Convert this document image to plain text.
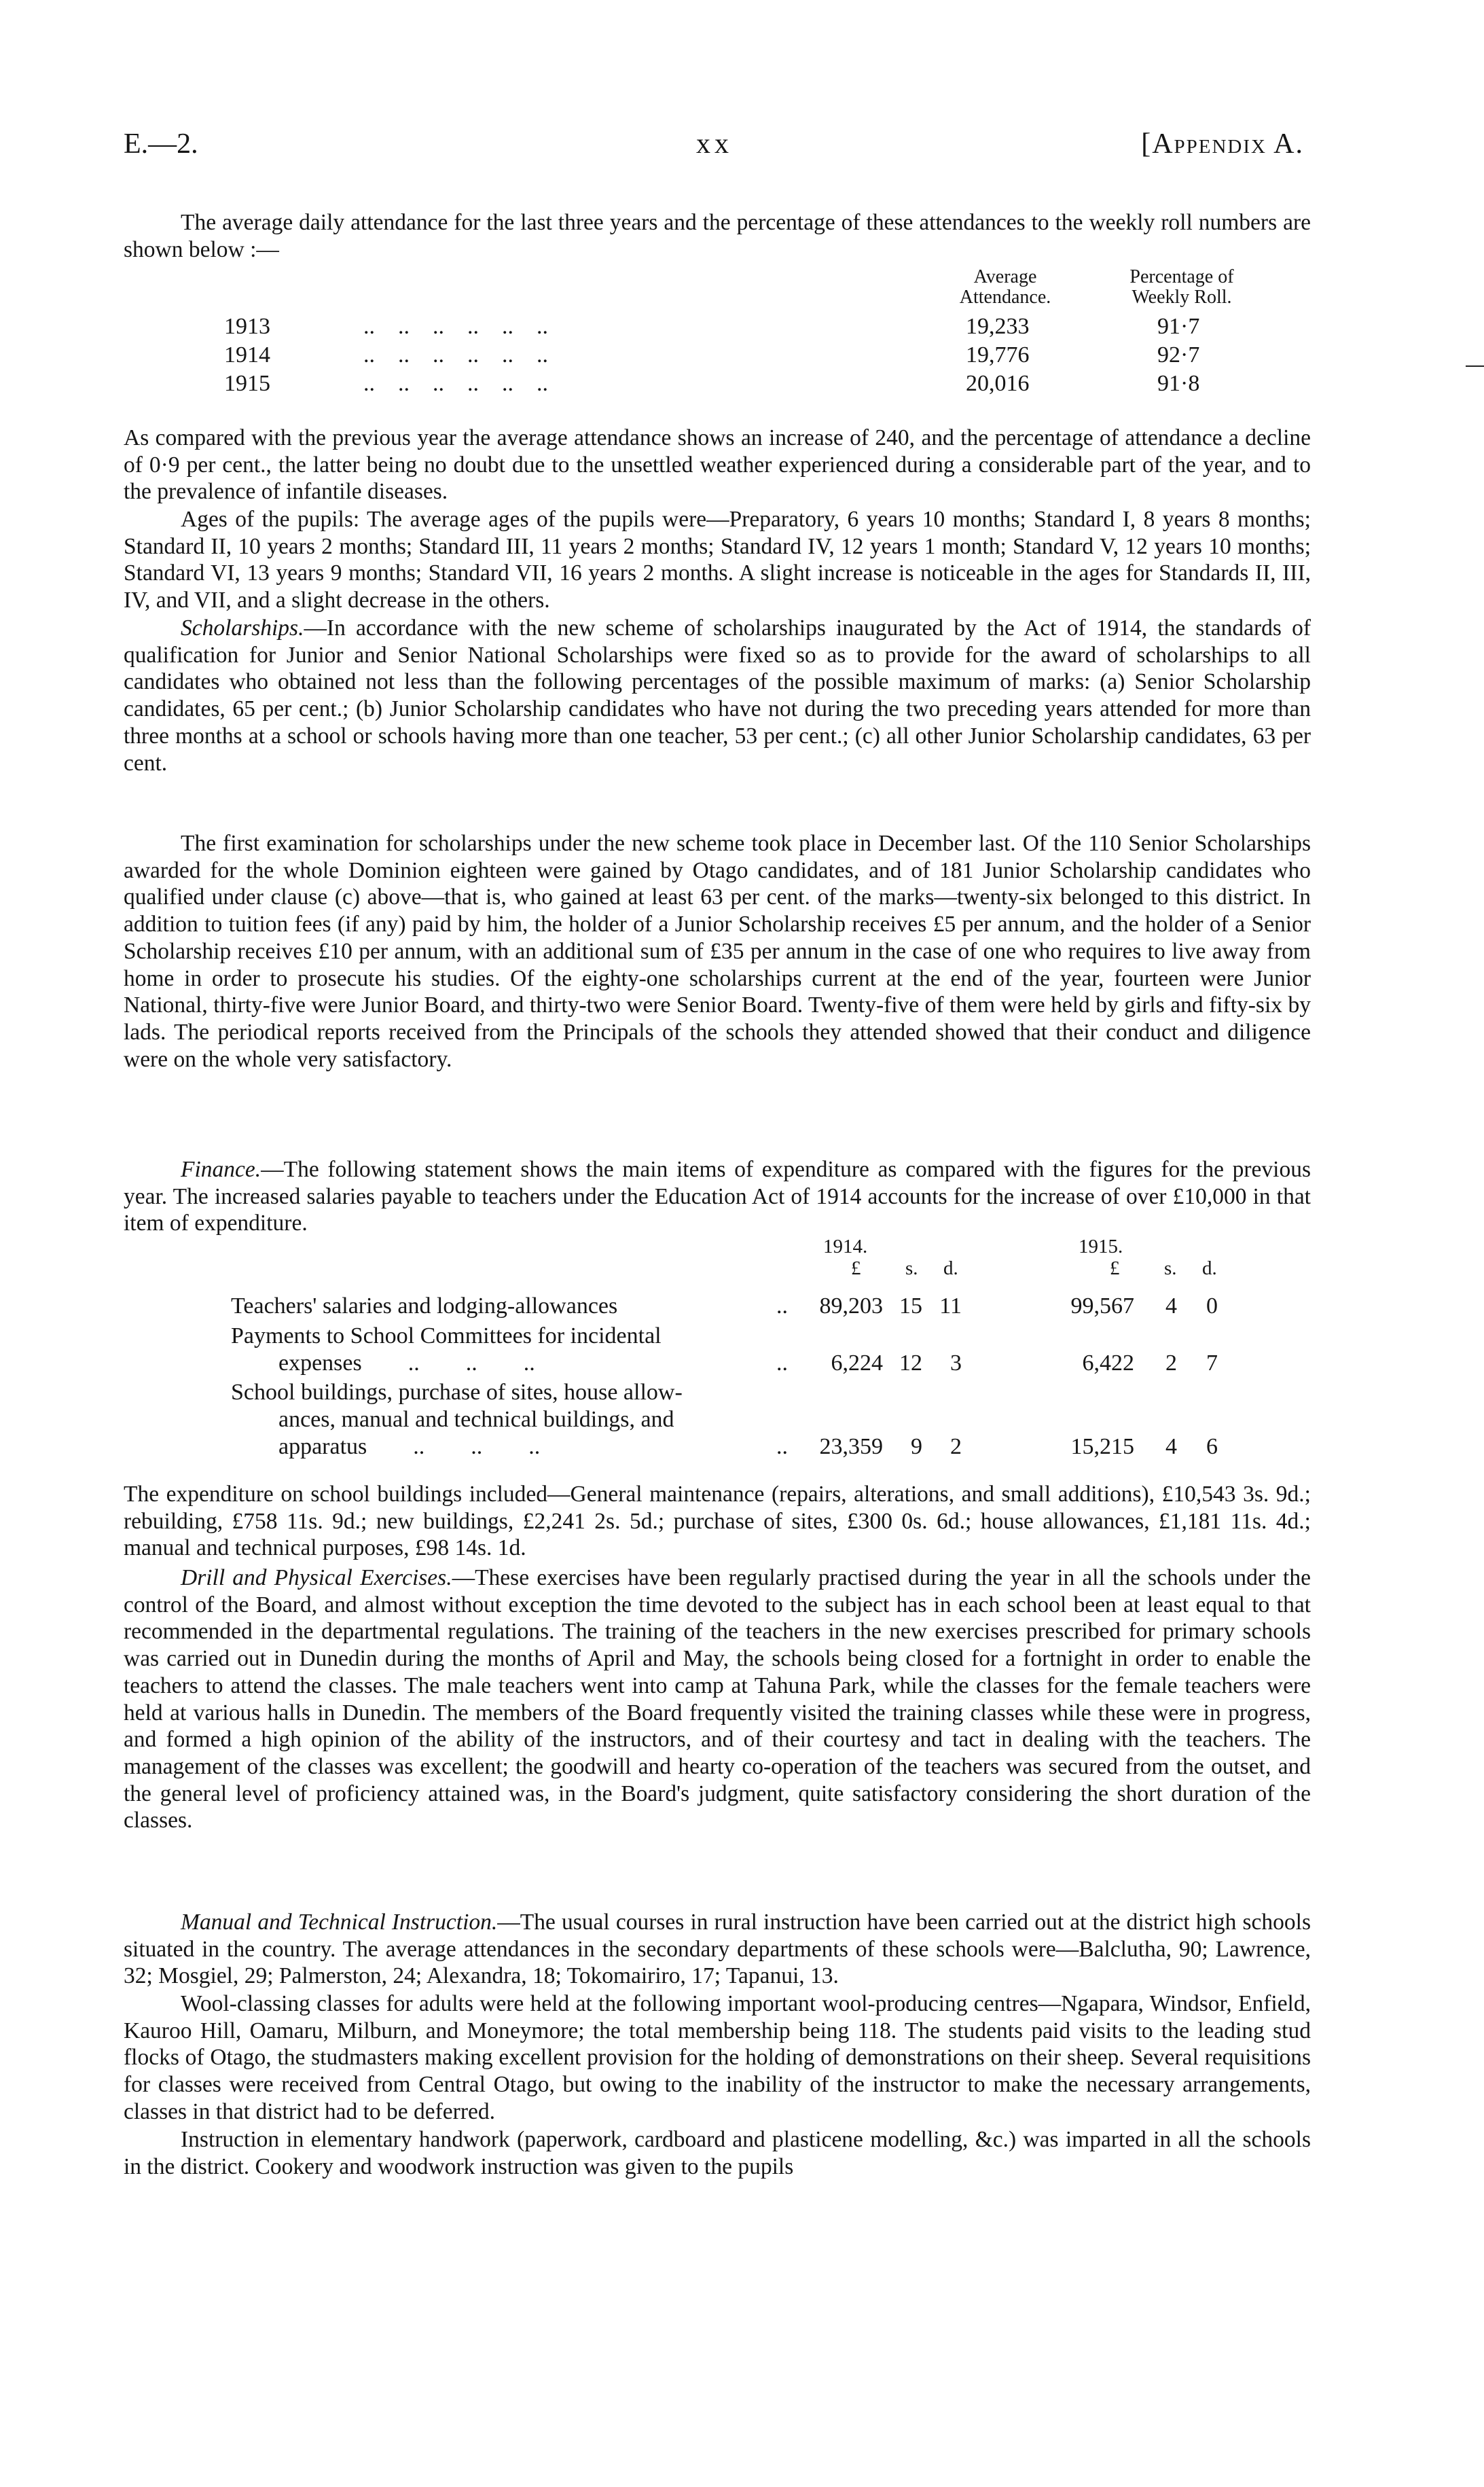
E.—2.	xx	[Appendix A.

The average daily attendance for the last three years and the percentage of these attendances to the weekly roll numbers are shown below :—

Average
Attendance.
Percentage of
Weekly Roll.
1913	..    ..    ..    ..    ..    ..	19,233	91·7
1914	..    ..    ..    ..    ..    ..	19,776	92·7
1915	..    ..    ..    ..    ..    ..	20,016	91·8

As compared with the previous year the average attendance shows an increase of 240, and the percentage of attendance a decline of 0·9 per cent., the latter being no doubt due to the unsettled weather experienced during a considerable part of the year, and to the prevalence of infantile diseases.

Ages of the pupils: The average ages of the pupils were—Preparatory, 6 years 10 months; Standard I, 8 years 8 months; Standard II, 10 years 2 months; Standard III, 11 years 2 months; Standard IV, 12 years 1 month; Standard V, 12 years 10 months; Standard VI, 13 years 9 months; Standard VII, 16 years 2 months. A slight increase is noticeable in the ages for Standards II, III, IV, and VII, and a slight decrease in the others.

Scholarships.—In accordance with the new scheme of scholarships inaugurated by the Act of 1914, the standards of qualification for Junior and Senior National Scholarships were fixed so as to provide for the award of scholarships to all candidates who obtained not less than the following percentages of the possible maximum of marks: (a) Senior Scholarship candidates, 65 per cent.; (b) Junior Scholarship candidates who have not during the two preceding years attended for more than three months at a school or schools having more than one teacher, 53 per cent.; (c) all other Junior Scholarship candidates, 63 per cent.

The first examination for scholarships under the new scheme took place in December last. Of the 110 Senior Scholarships awarded for the whole Dominion eighteen were gained by Otago candidates, and of 181 Junior Scholarship candidates who qualified under clause (c) above—that is, who gained at least 63 per cent. of the marks—twenty-six belonged to this district. In addition to tuition fees (if any) paid by him, the holder of a Junior Scholarship receives £5 per annum, and the holder of a Senior Scholarship receives £10 per annum, with an additional sum of £35 per annum in the case of one who requires to live away from home in order to prosecute his studies. Of the eighty-one scholarships current at the end of the year, fourteen were Junior National, thirty-five were Junior Board, and thirty-two were Senior Board. Twenty-five of them were held by girls and fifty-six by lads. The periodical reports received from the Principals of the schools they attended showed that their conduct and diligence were on the whole very satisfactory.

Finance.—The following statement shows the main items of expenditure as compared with the figures for the previous year. The increased salaries payable to teachers under the Education Act of 1914 accounts for the increase of over £10,000 in that item of expenditure.

1914.	1915.
£ s. d.	£ s. d.
Teachers' salaries and lodging-allowances	..	89,203 15 11	99,567	4	0
Payments to School Committees for incidental
expenses        ..        ..        ..	..	6,224 12	3	6,422	2	7
School buildings, purchase of sites, house allow-
ances, manual and technical buildings, and
apparatus        ..        ..        ..	..	23,359	9	2	15,215	4	6

The expenditure on school buildings included—General maintenance (repairs, alterations, and small additions), £10,543 3s. 9d.; rebuilding, £758 11s. 9d.; new buildings, £2,241 2s. 5d.; purchase of sites, £300 0s. 6d.; house allowances, £1,181 11s. 4d.; manual and technical purposes, £98 14s. 1d.

Drill and Physical Exercises.—These exercises have been regularly practised during the year in all the schools under the control of the Board, and almost without exception the time devoted to the subject has in each school been at least equal to that recommended in the departmental regulations. The training of the teachers in the new exercises prescribed for primary schools was carried out in Dunedin during the months of April and May, the schools being closed for a fortnight in order to enable the teachers to attend the classes. The male teachers went into camp at Tahuna Park, while the classes for the female teachers were held at various halls in Dunedin. The members of the Board frequently visited the training classes while these were in progress, and formed a high opinion of the ability of the instructors, and of their courtesy and tact in dealing with the teachers. The management of the classes was excellent; the goodwill and hearty co-operation of the teachers was secured from the outset, and the general level of proficiency attained was, in the Board's judgment, quite satisfactory considering the short duration of the classes.

Manual and Technical Instruction.—The usual courses in rural instruction have been carried out at the district high schools situated in the country. The average attendances in the secondary departments of these schools were—Balclutha, 90; Lawrence, 32; Mosgiel, 29; Palmerston, 24; Alexandra, 18; Tokomairiro, 17; Tapanui, 13.

Wool-classing classes for adults were held at the following important wool-producing centres—Ngapara, Windsor, Enfield, Kauroo Hill, Oamaru, Milburn, and Moneymore; the total membership being 118. The students paid visits to the leading stud flocks of Otago, the studmasters making excellent provision for the holding of demonstrations on their sheep. Several requisitions for classes were received from Central Otago, but owing to the inability of the instructor to make the necessary arrangements, classes in that district had to be deferred.

Instruction in elementary handwork (paperwork, cardboard and plasticene modelling, &c.) was imparted in all the schools in the district. Cookery and woodwork instruction was given to the pupils
